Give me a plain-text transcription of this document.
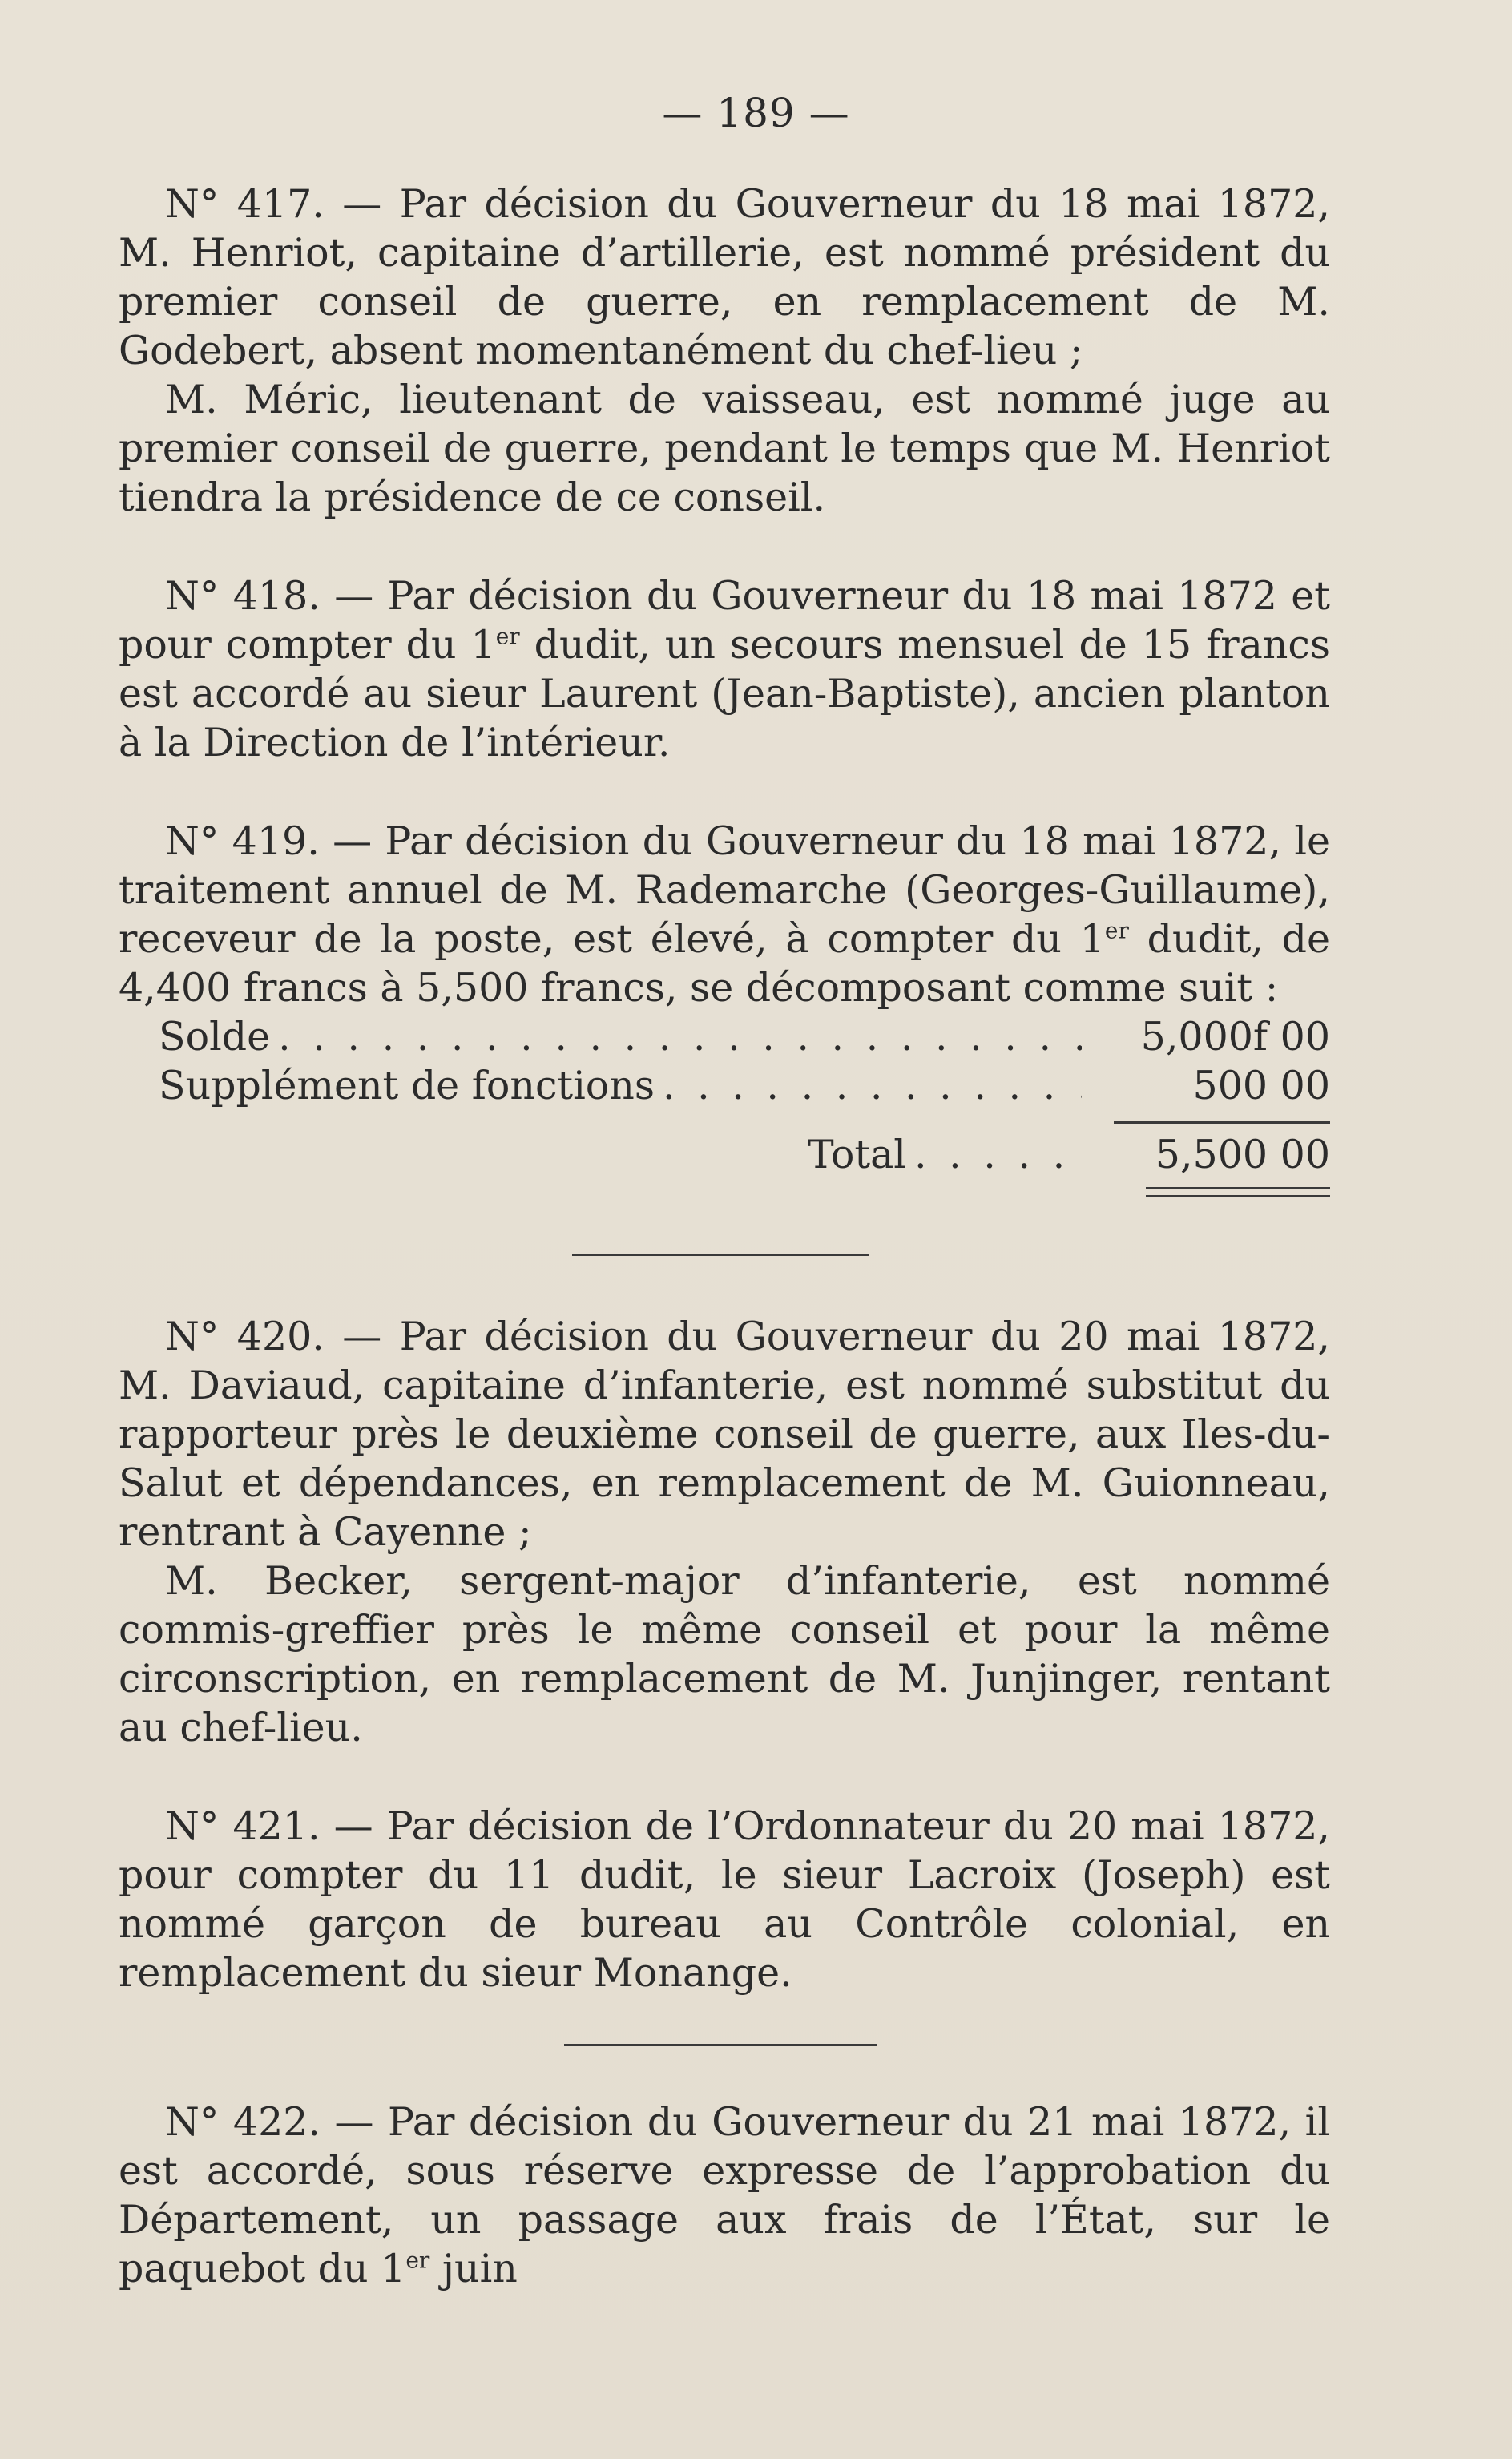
— 189 —

N° 417. — Par décision du Gouverneur du 18 mai 1872, M. Henriot, capitaine d’artillerie, est nommé président du premier conseil de guerre, en remplacement de M. Godebert, absent momentanément du chef-lieu ;

M. Méric, lieutenant de vaisseau, est nommé juge au premier conseil de guerre, pendant le temps que M. Henriot tiendra la présidence de ce conseil.

N° 418. — Par décision du Gouverneur du 18 mai 1872 et pour compter du 1er dudit, un secours mensuel de 15 francs est accordé au sieur Laurent (Jean-Baptiste), ancien planton à la Direction de l’intérieur.

N° 419. — Par décision du Gouverneur du 18 mai 1872, le traitement annuel de M. Rademarche (Georges-Guillaume), receveur de la poste, est élevé, à compter du 1er dudit, de 4,400 francs à 5,500 francs, se décomposant comme suit :

Solde . . .	5,000f 00
Supplément de fonctions . . .	500 00
Total . . .	5,500 00

N° 420. — Par décision du Gouverneur du 20 mai 1872, M. Daviaud, capitaine d’infanterie, est nommé substitut du rapporteur près le deuxième conseil de guerre, aux Iles-du-Salut et dépendances, en remplacement de M. Guionneau, rentrant à Cayenne ;

M. Becker, sergent-major d’infanterie, est nommé commis-greffier près le même conseil et pour la même circonscription, en remplacement de M. Junjinger, rentant au chef-lieu.

N° 421. — Par décision de l’Ordonnateur du 20 mai 1872, pour compter du 11 dudit, le sieur Lacroix (Joseph) est nommé garçon de bureau au Contrôle colonial, en remplacement du sieur Monange.

N° 422. — Par décision du Gouverneur du 21 mai 1872, il est accordé, sous réserve expresse de l’approbation du Département, un passage aux frais de l’État, sur le paquebot du 1er juin
